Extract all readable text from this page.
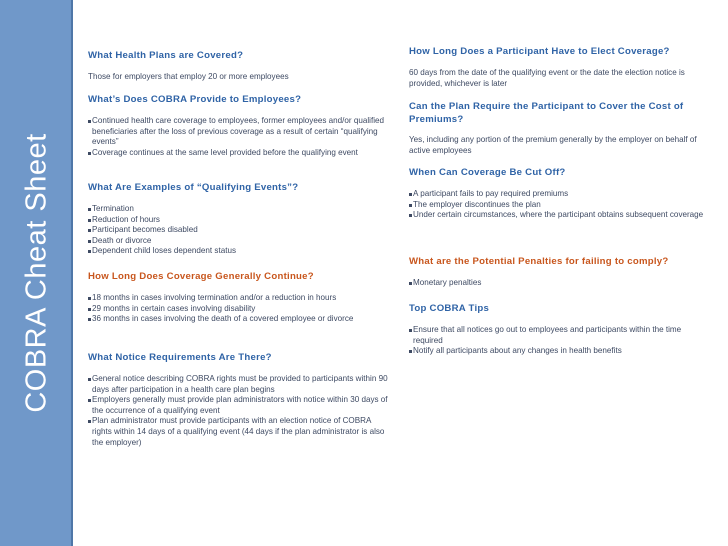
COBRA Cheat Sheet

What Health Plans are Covered?

Those for employers that employ 20 or more employees

What’s Does COBRA Provide to Employees?

Continued health care coverage to employees, former employees and/or qualified beneficiaries after the loss of previous coverage as a result of certain “qualifying events”
Coverage continues at the same level provided before the qualifying event

What Are Examples of “Qualifying Events”?

Termination
Reduction of hours
Participant becomes disabled
Death or divorce
Dependent child loses dependent status

How Long Does Coverage Generally Continue?

18 months in cases involving termination and/or a reduction in hours
29 months in certain cases involving disability
36 months in cases involving the death of a covered employee or divorce

What Notice Requirements Are There?

General notice describing COBRA rights must be provided to participants within 90 days after participation in a health care plan begins
Employers generally must provide plan administrators with notice within 30 days of the occurrence of a qualifying event
Plan administrator must provide participants with an election notice of COBRA rights within 14 days of a qualifying event (44 days if the plan administrator is also the employer)

How Long Does a Participant Have to Elect Coverage?

60 days from the date of the qualifying event or the date the election notice is provided, whichever is later

Can the Plan Require the Participant to Cover the Cost of Premiums?

Yes, including any portion of the premium generally by the employer on behalf of active employees

When Can Coverage Be Cut Off?

A participant fails to pay required premiums
The employer discontinues the plan
Under certain circumstances, where the participant obtains subsequent coverage

What are the Potential Penalties for failing to comply?

Monetary penalties

Top COBRA Tips

Ensure that all notices go out to employees and participants within the time required
Notify all participants about any changes in health benefits
